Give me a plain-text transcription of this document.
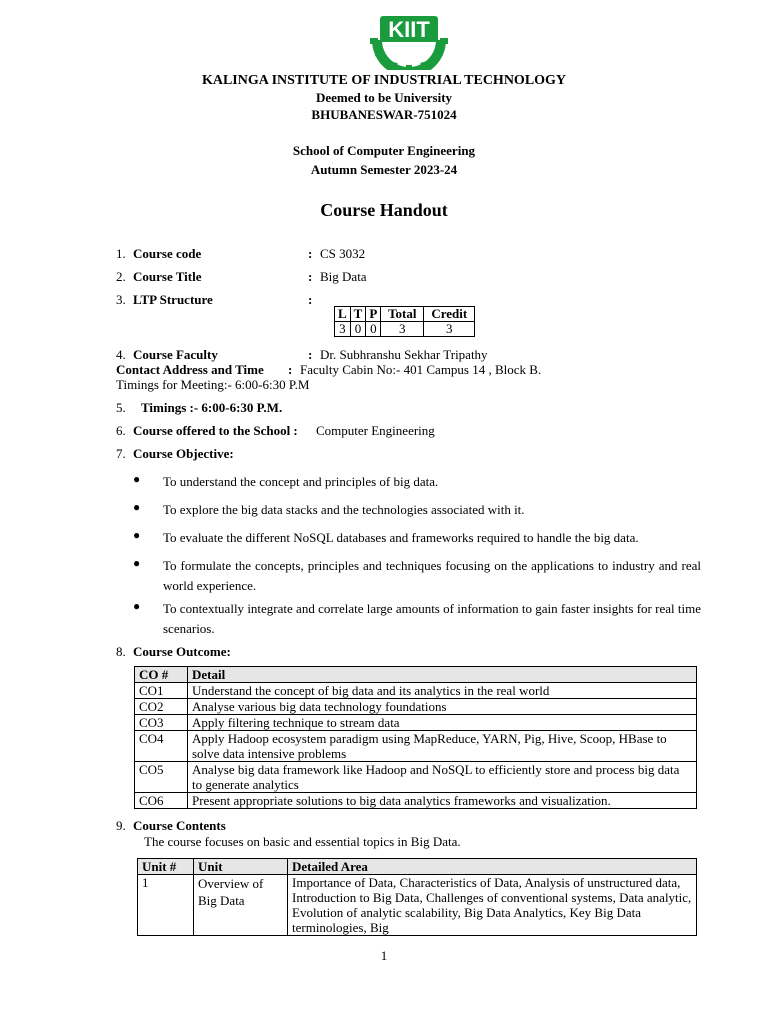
KIIT
KALINGA INSTITUTE OF INDUSTRIAL TECHNOLOGY
Deemed to be University
BHUBANESWAR-751024
School of Computer Engineering
Autumn Semester 2023-24
Course Handout
1. Course code	: CS 3032
2. Course Title	: Big Data
3. LTP Structure	:
L	T	P	Total	Credit
3	0	0	3	3
4. Course Faculty	: Dr. Subhranshu Sekhar Tripathy
Contact Address and Time : Faculty Cabin No:- 401 Campus 14 , Block B.
Timings for Meeting:- 6:00-6:30 P.M
5. Timings :- 6:00-6:30 P.M.
6. Course offered to the School : Computer Engineering
7. Course Objective:
● To understand the concept and principles of big data.
● To explore the big data stacks and the technologies associated with it.
● To evaluate the different NoSQL databases and frameworks required to handle the big data.
● To formulate the concepts, principles and techniques focusing on the applications to industry and real world experience.
● To contextually integrate and correlate large amounts of information to gain faster insights for real time scenarios.
8. Course Outcome:
CO #	Detail
CO1	Understand the concept of big data and its analytics in the real world
CO2	Analyse various big data technology foundations
CO3	Apply filtering technique to stream data
CO4	Apply Hadoop ecosystem paradigm using MapReduce, YARN, Pig, Hive, Scoop, HBase to solve data intensive problems
CO5	Analyse big data framework like Hadoop and NoSQL to efficiently store and process big data to generate analytics
CO6	Present appropriate solutions to big data analytics frameworks and visualization.
9. Course Contents
The course focuses on basic and essential topics in Big Data.
Unit #	Unit	Detailed Area
1	Overview of Big Data	Importance of Data, Characteristics of Data, Analysis of unstructured data, Introduction to Big Data, Challenges of conventional systems, Data analytic, Evolution of analytic scalability, Big Data Analytics, Key Big Data terminologies, Big
1
